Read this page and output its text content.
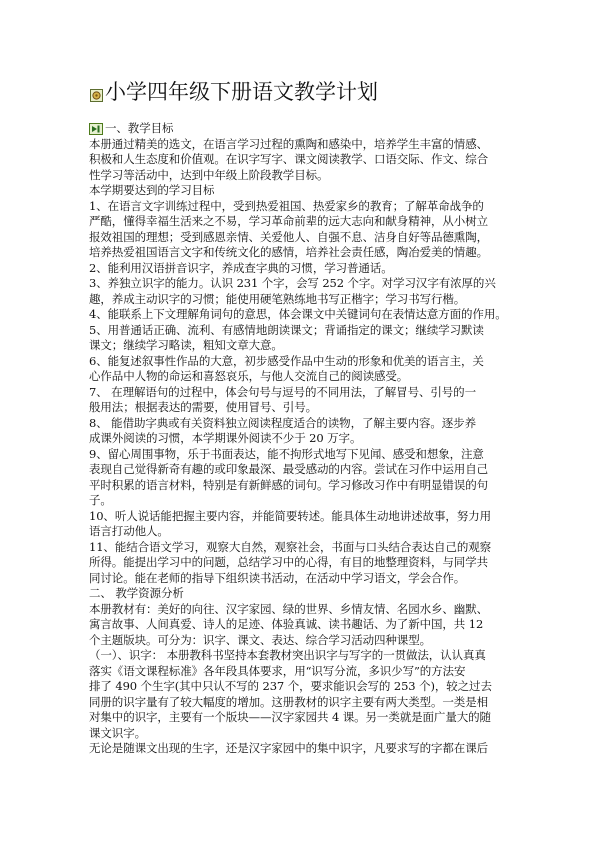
小学四年级下册语文教学计划
一、教学目标
本册通过精美的选文，在语言学习过程的熏陶和感染中，培养学生丰富的情感、
积极和人生态度和价值观。在识字写字、课文阅读教学、口语交际、作文、综合
性学习等活动中，达到中年级上阶段教学目标。
本学期要达到的学习目标
1、在语言文字训练过程中，受到热爱祖国、热爱家乡的教育；了解革命战争的
严酷，懂得幸福生活来之不易，学习革命前辈的远大志向和献身精神，从小树立
报效祖国的理想；受到感恩亲情、关爱他人、自强不息、洁身自好等品德熏陶，
培养热爱祖国语言文字和传统文化的感情，培养社会责任感，陶冶爱美的情趣。
2、能利用汉语拼音识字，养成查字典的习惯，学习普通话。
3、养独立识字的能力。认识 231 个字，会写 252 个字。对学习汉字有浓厚的兴
趣，养成主动识字的习惯；能使用硬笔熟练地书写正楷字；学习书写行楷。
4、能联系上下文理解角词句的意思，体会课文中关键词句在表情达意方面的作用。
5、用普通话正确、流利、有感情地朗读课文；背诵指定的课文；继续学习默读
课文；继续学习略读，粗知文章大意。
6、能复述叙事性作品的大意，初步感受作品中生动的形象和优美的语言主，关
心作品中人物的命运和喜怒哀乐，与他人交流自己的阅读感受。
7、 在理解语句的过程中，体会句号与逗号的不同用法，了解冒号、引号的一
般用法；根据表达的需要，使用冒号、引号。
8、 能借助字典或有关资料独立阅读程度适合的读物，了解主要内容。逐步养
成课外阅读的习惯，本学期课外阅读不少于 20 万字。
9、留心周围事物，乐于书面表达，能不拘形式地写下见闻、感受和想象，注意
表现自己觉得新奇有趣的或印象最深、最受感动的内容。尝试在习作中运用自己
平时积累的语言材料，特别是有新鲜感的词句。学习修改习作中有明显错误的句
子。
10、听人说话能把握主要内容，并能简要转述。能具体生动地讲述故事，努力用
语言打动他人。
11、能结合语文学习，观察大自然，观察社会，书面与口头结合表达自己的观察
所得。能提出学习中的问题，总结学习中的心得，有目的地整理资料，与同学共
同讨论。能在老师的指导下组织读书活动，在活动中学习语文，学会合作。
二、 教学资源分析
本册教材有：美好的向往、汉字家园、绿的世界、乡情友情、名园水乡、幽默、
寓言故事、人间真爱、诗人的足迹、体验真诚、读书趣话、为了新中国，共 12
个主题版块。可分为：识字、课文、表达、综合学习活动四种课型。
（一）、识字： 本册教科书坚持本套教材突出识字与写字的一贯做法，认认真真
落实《语文课程标准》各年段具体要求，用“识写分流，多识少写”的方法安
排了 490 个生字(其中只认不写的 237 个，要求能识会写的 253 个)，较之过去
同册的识字量有了较大幅度的增加。这册教材的识字主要有两大类型。一类是相
对集中的识字，主要有一个版块——汉字家园共 4 课。另一类就是面广量大的随
课文识字。
无论是随课文出现的生字，还是汉字家园中的集中识字，凡要求写的字都在课后
